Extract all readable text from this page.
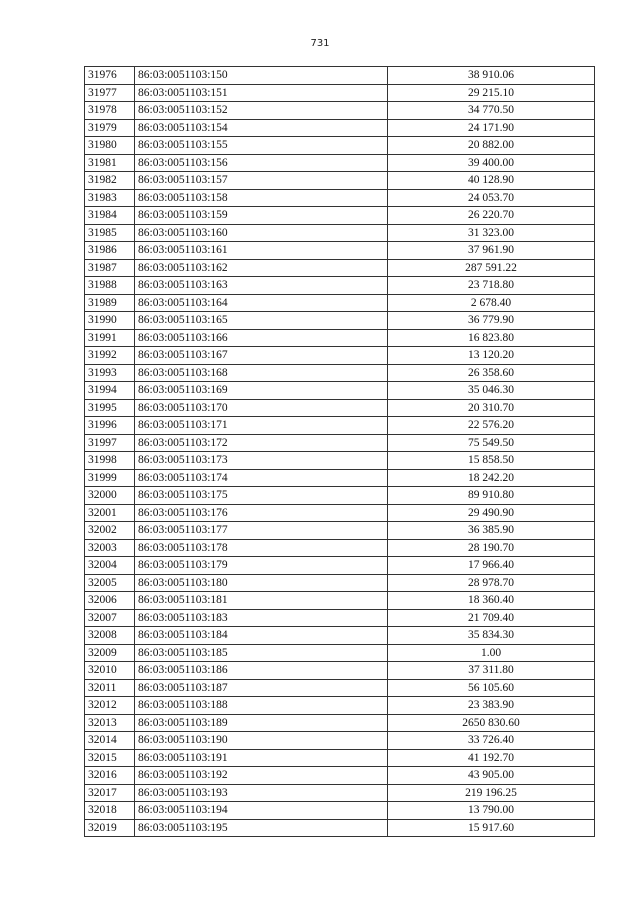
731
31976	86:03:0051103:150	38 910.06
31977	86:03:0051103:151	29 215.10
31978	86:03:0051103:152	34 770.50
31979	86:03:0051103:154	24 171.90
31980	86:03:0051103:155	20 882.00
31981	86:03:0051103:156	39 400.00
31982	86:03:0051103:157	40 128.90
31983	86:03:0051103:158	24 053.70
31984	86:03:0051103:159	26 220.70
31985	86:03:0051103:160	31 323.00
31986	86:03:0051103:161	37 961.90
31987	86:03:0051103:162	287 591.22
31988	86:03:0051103:163	23 718.80
31989	86:03:0051103:164	2 678.40
31990	86:03:0051103:165	36 779.90
31991	86:03:0051103:166	16 823.80
31992	86:03:0051103:167	13 120.20
31993	86:03:0051103:168	26 358.60
31994	86:03:0051103:169	35 046.30
31995	86:03:0051103:170	20 310.70
31996	86:03:0051103:171	22 576.20
31997	86:03:0051103:172	75 549.50
31998	86:03:0051103:173	15 858.50
31999	86:03:0051103:174	18 242.20
32000	86:03:0051103:175	89 910.80
32001	86:03:0051103:176	29 490.90
32002	86:03:0051103:177	36 385.90
32003	86:03:0051103:178	28 190.70
32004	86:03:0051103:179	17 966.40
32005	86:03:0051103:180	28 978.70
32006	86:03:0051103:181	18 360.40
32007	86:03:0051103:183	21 709.40
32008	86:03:0051103:184	35 834.30
32009	86:03:0051103:185	1.00
32010	86:03:0051103:186	37 311.80
32011	86:03:0051103:187	56 105.60
32012	86:03:0051103:188	23 383.90
32013	86:03:0051103:189	2650 830.60
32014	86:03:0051103:190	33 726.40
32015	86:03:0051103:191	41 192.70
32016	86:03:0051103:192	43 905.00
32017	86:03:0051103:193	219 196.25
32018	86:03:0051103:194	13 790.00
32019	86:03:0051103:195	15 917.60
